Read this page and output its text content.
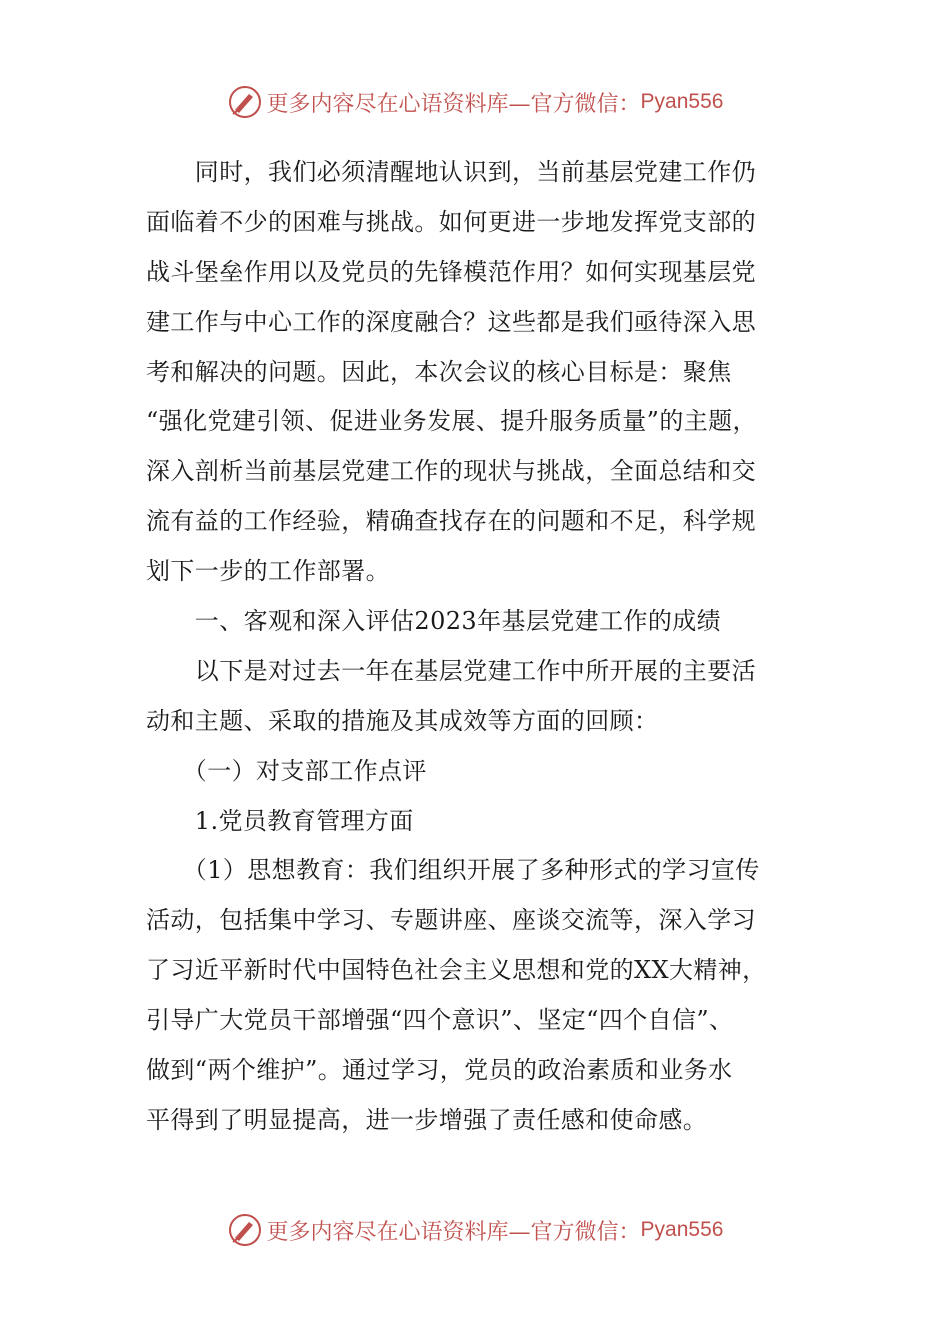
更多内容尽在心语资料库—官方微信： Pyan556
　　同时，我们必须清醒地认识到，当前基层党建工作仍
面临着不少的困难与挑战。如何更进一步地发挥党支部的
战斗堡垒作用以及党员的先锋模范作用？如何实现基层党
建工作与中心工作的深度融合？这些都是我们亟待深入思
考和解决的问题。因此，本次会议的核心目标是：聚焦
“强化党建引领、促进业务发展、提升服务质量”的主题，
深入剖析当前基层党建工作的现状与挑战，全面总结和交
流有益的工作经验，精确查找存在的问题和不足，科学规
划下一步的工作部署。
　　一、客观和深入评估2023年基层党建工作的成绩
　　以下是对过去一年在基层党建工作中所开展的主要活
动和主题、采取的措施及其成效等方面的回顾：
　　（一）对支部工作点评
　　1.党员教育管理方面
　　（1）思想教育：我们组织开展了多种形式的学习宣传
活动，包括集中学习、专题讲座、座谈交流等，深入学习
了习近平新时代中国特色社会主义思想和党的XX大精神，
引导广大党员干部增强“四个意识”、坚定“四个自信”、
做到“两个维护”。通过学习，党员的政治素质和业务水
平得到了明显提高，进一步增强了责任感和使命感。
更多内容尽在心语资料库—官方微信： Pyan556
